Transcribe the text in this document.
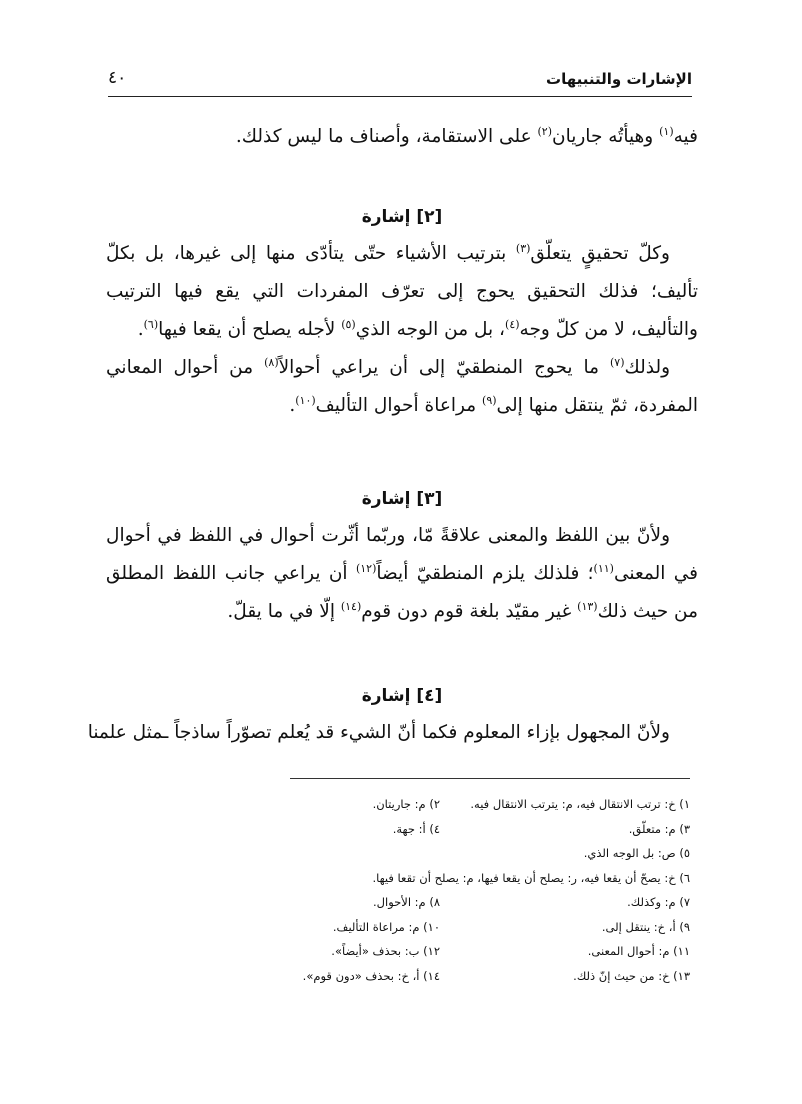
الإشارات والتنبيهات
٤٠

فيه$^{(١)}$ وهيأتُه جاريان$^{(٢)}$ على الاستقامة، وأصناف ما ليس كذلك.

[٢] إشارة

وكلّ تحقيقٍ يتعلّق$^{(٣)}$ بترتيب الأشياء حتّى يتأدّى منها إلى غيرها، بل بكلّ تأليف؛ فذلك التحقيق يحوج إلى تعرّف المفردات التي يقع فيها الترتيب والتأليف، لا من كلّ وجه$^{(٤)}$، بل من الوجه الذي$^{(٥)}$ لأجله يصلح أن يقعا فيها$^{(٦)}$.

ولذلك$^{(٧)}$ ما يحوج المنطقيّ إلى أن يراعي أحوالاً$^{(٨)}$ من أحوال المعاني المفردة، ثمّ ينتقل منها إلى$^{(٩)}$ مراعاة أحوال التأليف$^{(١٠)}$.

[٣] إشارة

ولأنّ بين اللفظ والمعنى علاقةً مّا، وربّما أثّرت أحوال في اللفظ في أحوال في المعنى$^{(١١)}$؛ فلذلك يلزم المنطقيّ أيضاً$^{(١٢)}$ أن يراعي جانب اللفظ المطلق من حيث ذلك$^{(١٣)}$ غير مقيّد بلغة قوم دون قوم$^{(١٤)}$ إلّا في ما يقلّ.

[٤] إشارة

ولأنّ المجهول بإزاء المعلوم فكما أنّ الشيء قد يُعلم تصوّراً ساذجاً ـمثل علمنا

١) خ: ترتب الانتقال فيه، م: يترتب الانتقال فيه.
٢) م: جاريتان.
٣) م: متعلّق.
٤) أ: جهة.
٥) ص: بل الوجه الذي.
٦) خ: يصحّ أن يقعا فيه، ر: يصلح أن يقعا فيها، م: يصلح أن تقعا فيها.
٧) م: وكذلك.
٨) م: الأحوال.
٩) أ، خ: ينتقل إلى.
١٠) م: مراعاة التأليف.
١١) م: أحوال المعنى.
١٢) ب: بحذف «أيضاً».
١٣) خ: من حيث إنّ ذلك.
١٤) أ، خ: بحذف «دون قوم».
